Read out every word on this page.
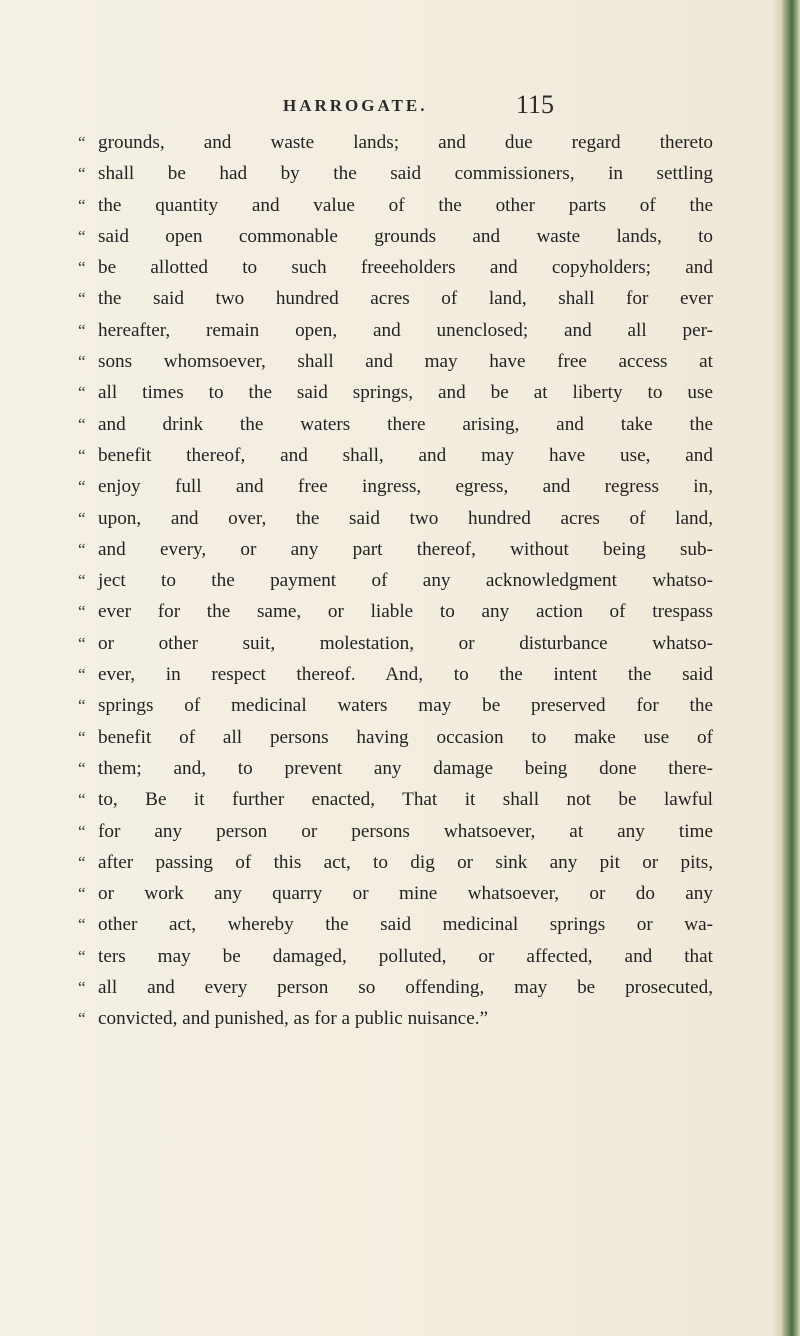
HARROGATE.	115
“ grounds, and waste lands; and due regard thereto
“ shall be had by the said commissioners, in settling
“ the quantity and value of the other parts of the
“ said open commonable grounds and waste lands, to
“ be allotted to such freeeholders and copyholders; and
“ the said two hundred acres of land, shall for ever
“ hereafter, remain open, and unenclosed; and all per-
“ sons whomsoever, shall and may have free access at
“ all times to the said springs, and be at liberty to use
“ and drink the waters there arising, and take the
“ benefit thereof, and shall, and may have use, and
“ enjoy full and free ingress, egress, and regress in,
“ upon, and over, the said two hundred acres of land,
“ and every, or any part thereof, without being sub-
“ ject to the payment of any acknowledgment whatso-
“ ever for the same, or liable to any action of trespass
“ or other suit, molestation, or disturbance whatso-
“ ever, in respect thereof. And, to the intent the said
“ springs of medicinal waters may be preserved for the
“ benefit of all persons having occasion to make use of
“ them; and, to prevent any damage being done there-
“ to, Be it further enacted, That it shall not be lawful
“ for any person or persons whatsoever, at any time
“ after passing of this act, to dig or sink any pit or pits,
“ or work any quarry or mine whatsoever, or do any
“ other act, whereby the said medicinal springs or wa-
“ ters may be damaged, polluted, or affected, and that
“ all and every person so offending, may be prosecuted,
“ convicted, and punished, as for a public nuisance.”
